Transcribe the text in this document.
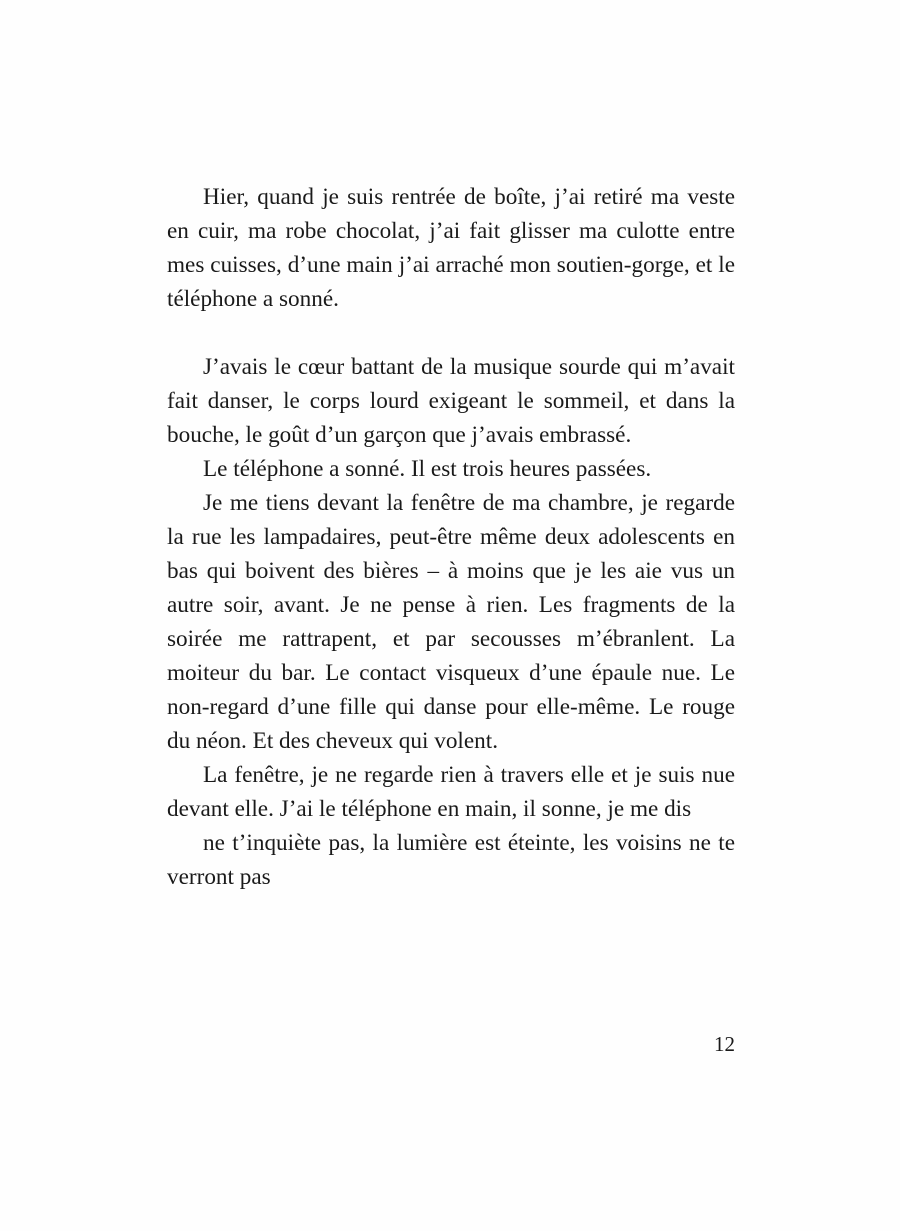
Hier, quand je suis rentrée de boîte, j’ai retiré ma veste en cuir, ma robe chocolat, j’ai fait glisser ma culotte entre mes cuisses, d’une main j’ai arraché mon soutien-gorge, et le téléphone a sonné.

J’avais le cœur battant de la musique sourde qui m’avait fait danser, le corps lourd exigeant le sommeil, et dans la bouche, le goût d’un garçon que j’avais embrassé.

Le téléphone a sonné. Il est trois heures passées.

Je me tiens devant la fenêtre de ma chambre, je regarde la rue les lampadaires, peut-être même deux adolescents en bas qui boivent des bières – à moins que je les aie vus un autre soir, avant. Je ne pense à rien. Les fragments de la soirée me rattrapent, et par secousses m’ébranlent. La moiteur du bar. Le contact visqueux d’une épaule nue. Le non-regard d’une fille qui danse pour elle-même. Le rouge du néon. Et des cheveux qui volent.

La fenêtre, je ne regarde rien à travers elle et je suis nue devant elle. J’ai le téléphone en main, il sonne, je me dis

ne t’inquiète pas, la lumière est éteinte, les voisins ne te verront pas

12
